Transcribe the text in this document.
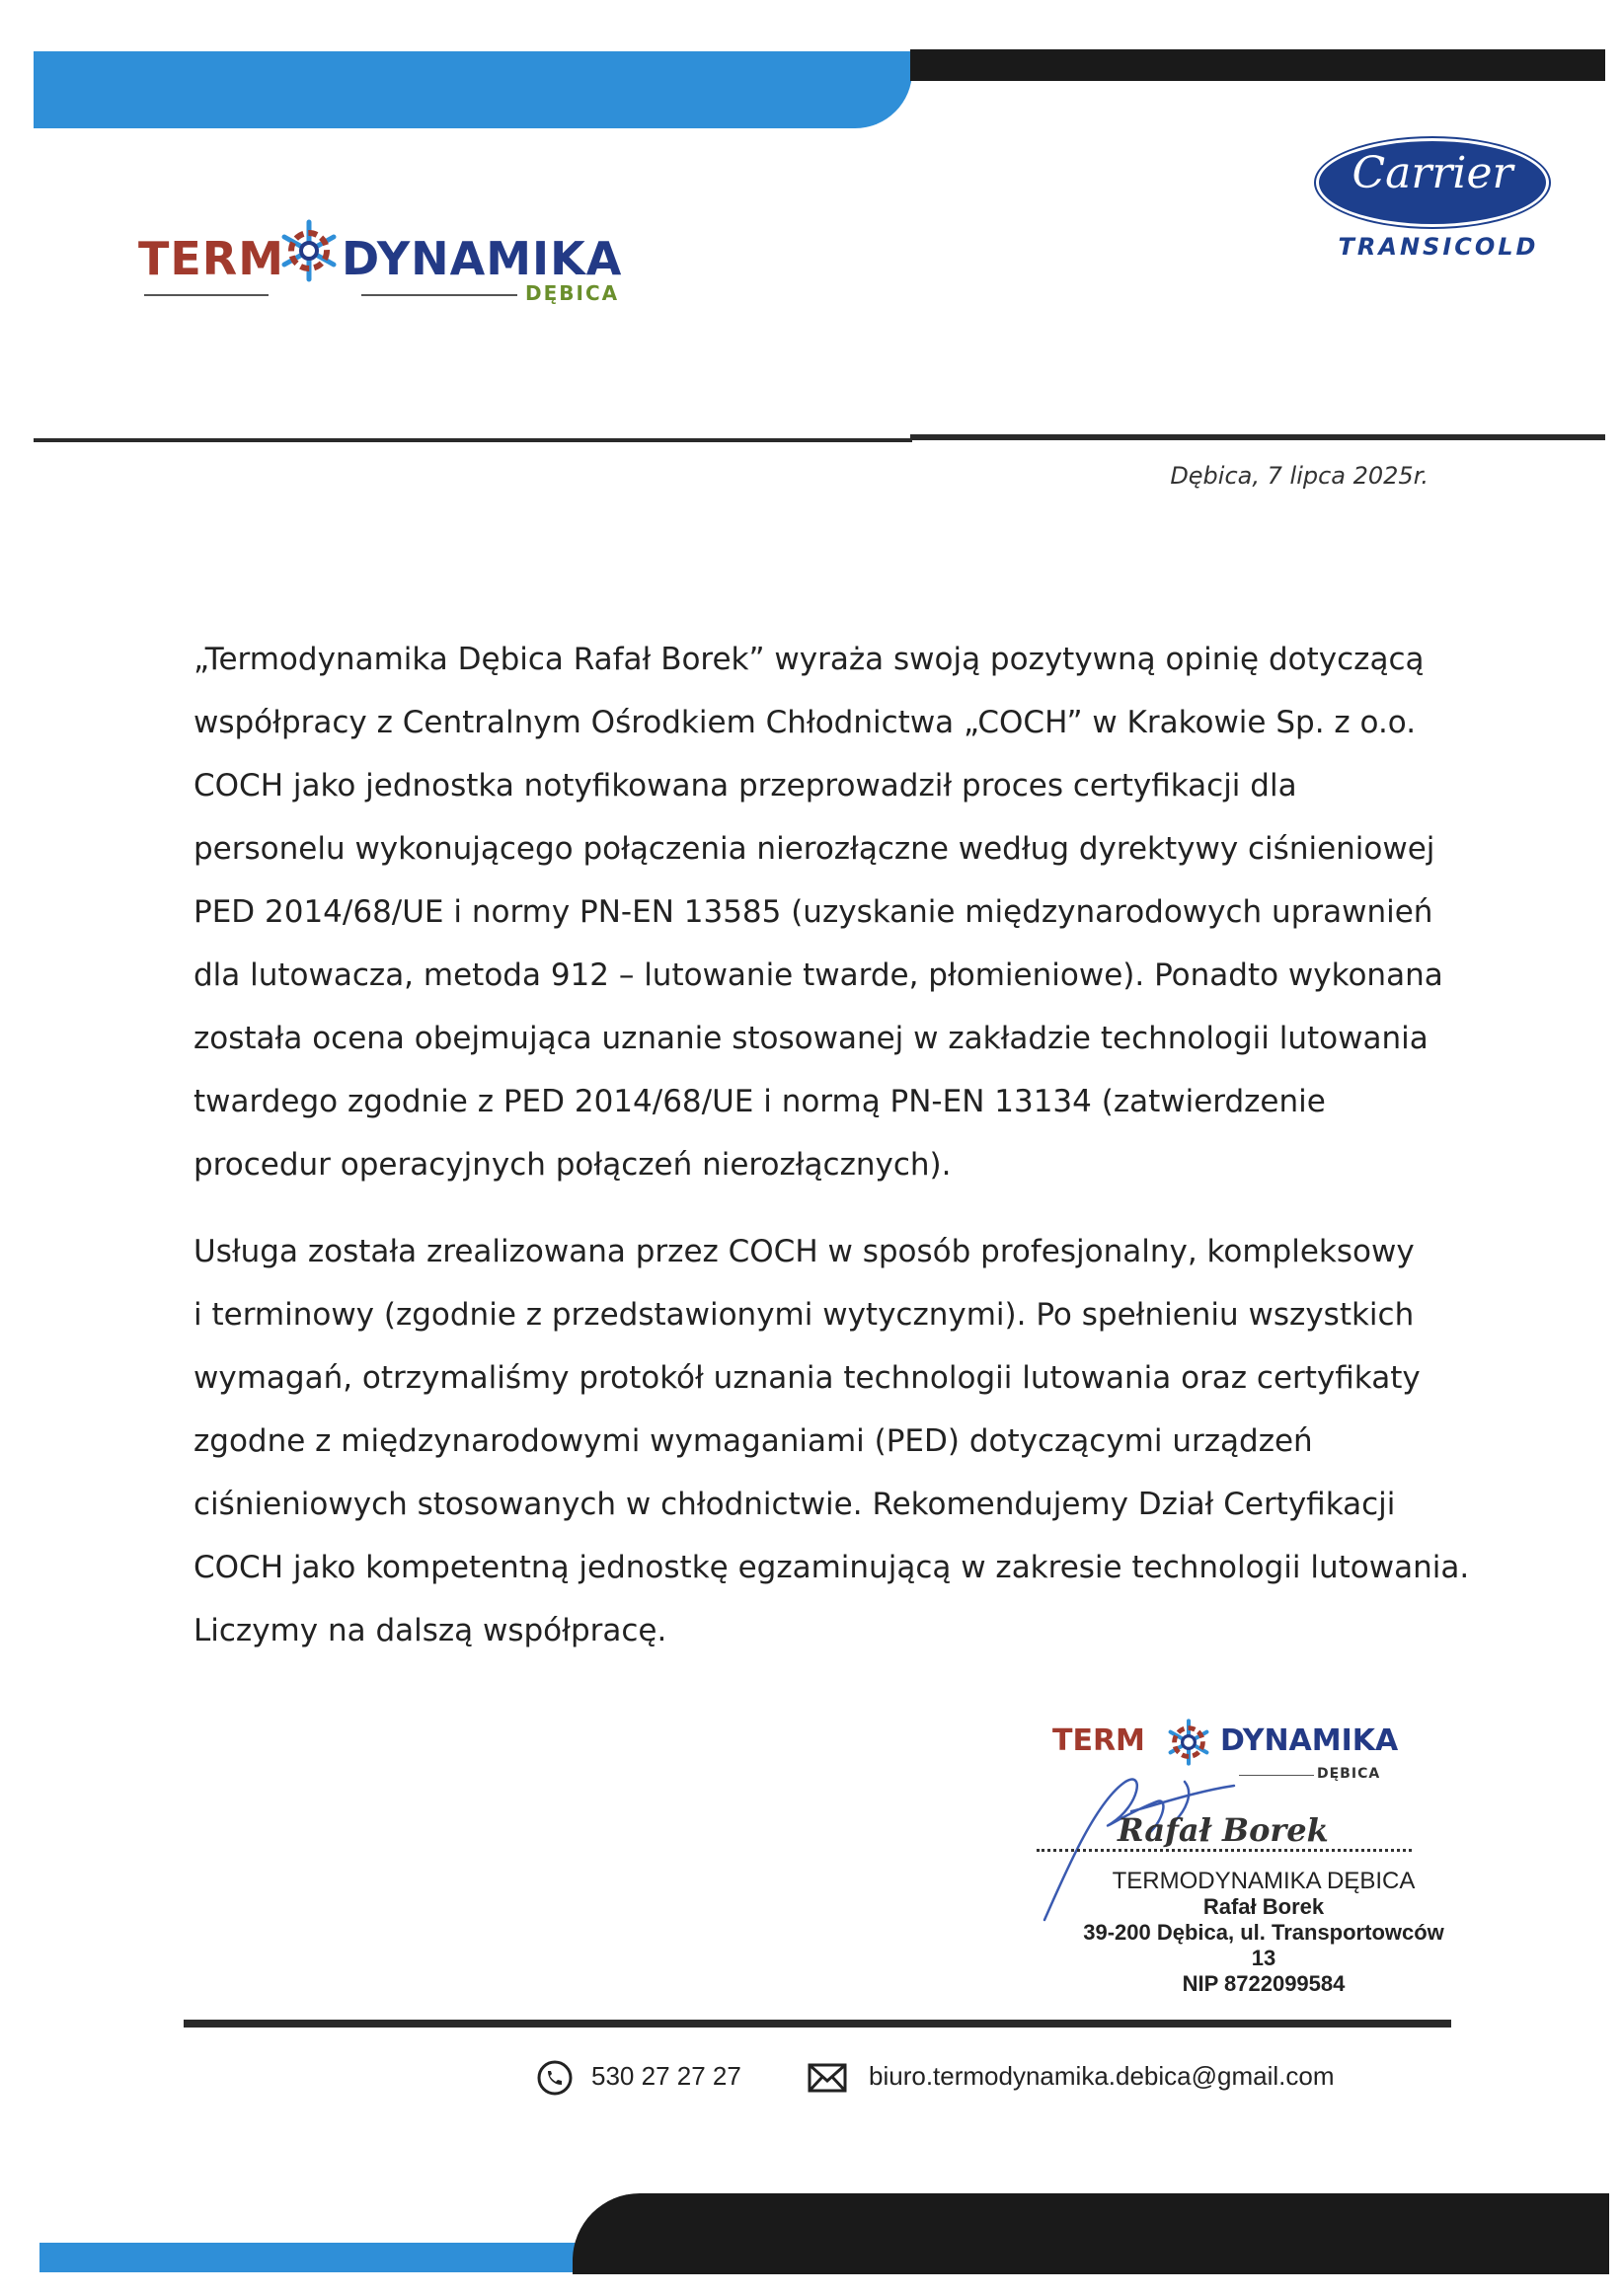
TERM DYNAMIKA
DĘBICA
Carrier
TRANSICOLD
Dębica, 7 lipca 2025r.
„Termodynamika Dębica Rafał Borek” wyraża swoją pozytywną opinię dotyczącą
współpracy z Centralnym Ośrodkiem Chłodnictwa „COCH” w Krakowie Sp. z o.o.
COCH jako jednostka notyfikowana przeprowadził proces certyfikacji dla
personelu wykonującego połączenia nierozłączne według dyrektywy ciśnieniowej
PED 2014/68/UE i normy PN-EN 13585 (uzyskanie międzynarodowych uprawnień
dla lutowacza, metoda 912 – lutowanie twarde, płomieniowe). Ponadto wykonana
została ocena obejmująca uznanie stosowanej w zakładzie technologii lutowania
twardego zgodnie z PED 2014/68/UE i normą PN-EN 13134 (zatwierdzenie
procedur operacyjnych połączeń nierozłącznych).
Usługa została zrealizowana przez COCH w sposób profesjonalny, kompleksowy
i terminowy (zgodnie z przedstawionymi wytycznymi). Po spełnieniu wszystkich
wymagań, otrzymaliśmy protokół uznania technologii lutowania oraz certyfikaty
zgodne z międzynarodowymi wymaganiami (PED) dotyczącymi urządzeń
ciśnieniowych stosowanych w chłodnictwie. Rekomendujemy Dział Certyfikacji
COCH jako kompetentną jednostkę egzaminującą w zakresie technologii lutowania.
Liczymy na dalszą współpracę.
TERM	DYNAMIKA
DĘBICA
Rafał Borek
TERMODYNAMIKA DĘBICA
Rafał Borek
39-200 Dębica, ul. Transportowców 13
NIP 8722099584
530 27 27 27	biuro.termodynamika.debica@gmail.com
